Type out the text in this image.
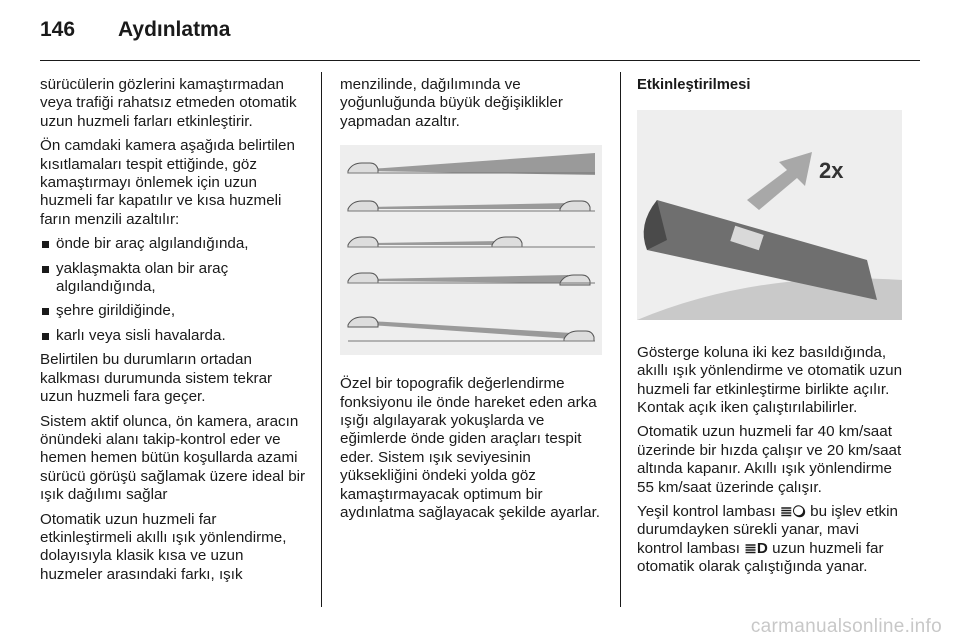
146	Aydınlatma

sürücülerin gözlerini kamaştırmadan veya trafiği rahatsız etmeden otomatik uzun huzmeli farları etkinleştirir.

Ön camdaki kamera aşağıda belirtilen kısıtlamaları tespit ettiğinde, göz kamaştırmayı önlemek için uzun huzmeli far kapatılır ve kısa huzmeli farın menzili azaltılır:

önde bir araç algılandığında,
yaklaşmakta olan bir araç algılandığında,
şehre girildiğinde,
karlı veya sisli havalarda.

Belirtilen bu durumların ortadan kalkması durumunda sistem tekrar uzun huzmeli fara geçer.

Sistem aktif olunca, ön kamera, aracın önündeki alanı takip-kontrol eder ve hemen hemen bütün koşullarda azami sürücü görüşü sağlamak üzere ideal bir ışık dağılımı sağlar

Otomatik uzun huzmeli far etkinleştirmeli akıllı ışık yönlendirme, dolayısıyla klasik kısa ve uzun huzmeler arasındaki farkı, ışık

menzilinde, dağılımında ve yoğunluğunda büyük değişiklikler yapmadan azaltır.

Özel bir topografik değerlendirme fonksiyonu ile önde hareket eden arka ışığı algılayarak yokuşlarda ve eğimlerde önde giden araçları tespit eder. Sistem ışık seviyesinin yüksekliğini öndeki yolda göz kamaştırmayacak optimum bir aydınlatma sağlayacak şekilde ayarlar.

Etkinleştirilmesi
2x

Gösterge koluna iki kez basıldığında, akıllı ışık yönlendirme ve otomatik uzun huzmeli far etkinleştirme birlikte açılır. Kontak açık iken çalıştırılabilirler.

Otomatik uzun huzmeli far 40 km/saat üzerinde bir hızda çalışır ve 20 km/saat altında kapanır. Akıllı ışık yönlendirme 55 km/saat üzerinde çalışır.

Yeşil kontrol lambası ≣🔾 bu işlev etkin durumdayken sürekli yanar, mavi kontrol lambası ≣D uzun huzmeli far otomatik olarak çalıştığında yanar.

carmanualsonline.info
